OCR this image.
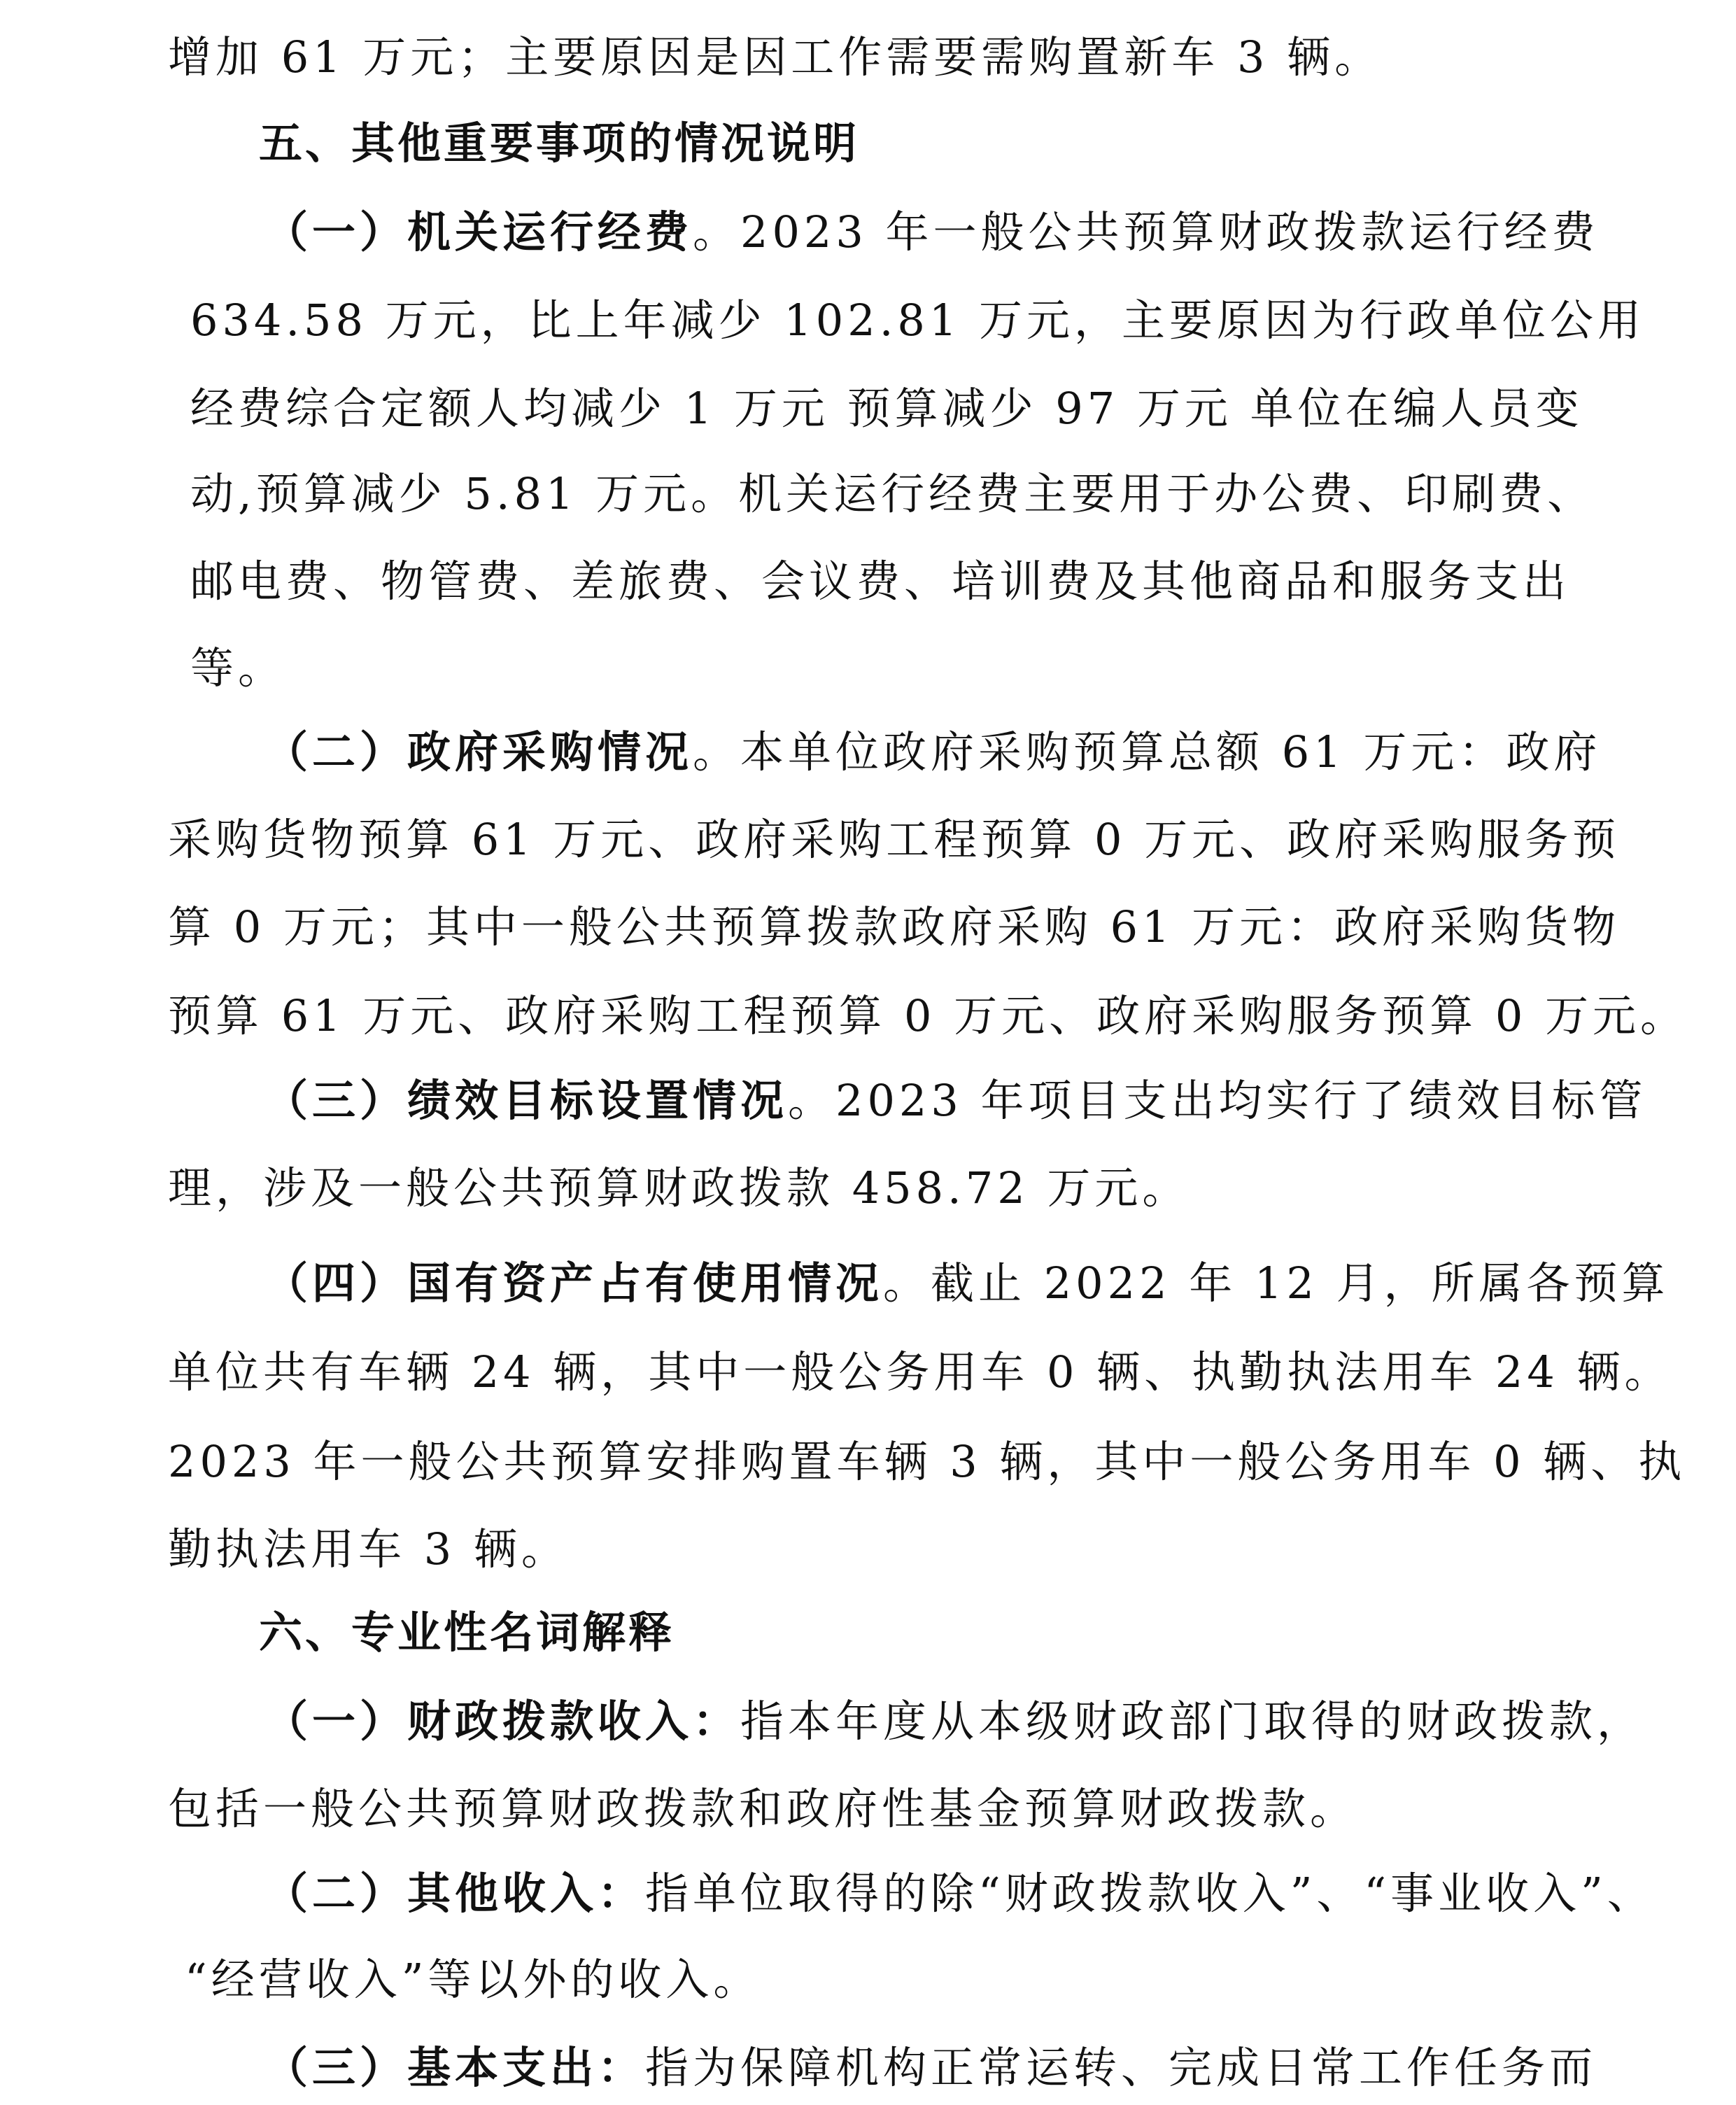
增加 61 万元；主要原因是因工作需要需购置新车 3 辆。
五、其他重要事项的情况说明
（一）机关运行经费。2023 年一般公共预算财政拨款运行经费
634.58 万元，比上年减少 102.81 万元，主要原因为行政单位公用
经费综合定额人均减少 1 万元 预算减少 97 万元 单位在编人员变
动,预算减少 5.81 万元。机关运行经费主要用于办公费、印刷费、
邮电费、物管费、差旅费、会议费、培训费及其他商品和服务支出
等。
（二）政府采购情况。本单位政府采购预算总额 61 万元：政府
采购货物预算 61 万元、政府采购工程预算 0 万元、政府采购服务预
算 0 万元；其中一般公共预算拨款政府采购 61 万元：政府采购货物
预算 61 万元、政府采购工程预算 0 万元、政府采购服务预算 0 万元。
（三）绩效目标设置情况。2023 年项目支出均实行了绩效目标管
理，涉及一般公共预算财政拨款 458.72 万元。
（四）国有资产占有使用情况。截止 2022 年 12 月，所属各预算
单位共有车辆 24 辆，其中一般公务用车 0 辆、执勤执法用车 24 辆。
2023 年一般公共预算安排购置车辆 3 辆，其中一般公务用车 0 辆、执
勤执法用车 3 辆。
六、专业性名词解释
（一）财政拨款收入：指本年度从本级财政部门取得的财政拨款，
包括一般公共预算财政拨款和政府性基金预算财政拨款。
（二）其他收入：指单位取得的除“财政拨款收入”、“事业收入”、
“经营收入”等以外的收入。
（三）基本支出：指为保障机构正常运转、完成日常工作任务而
